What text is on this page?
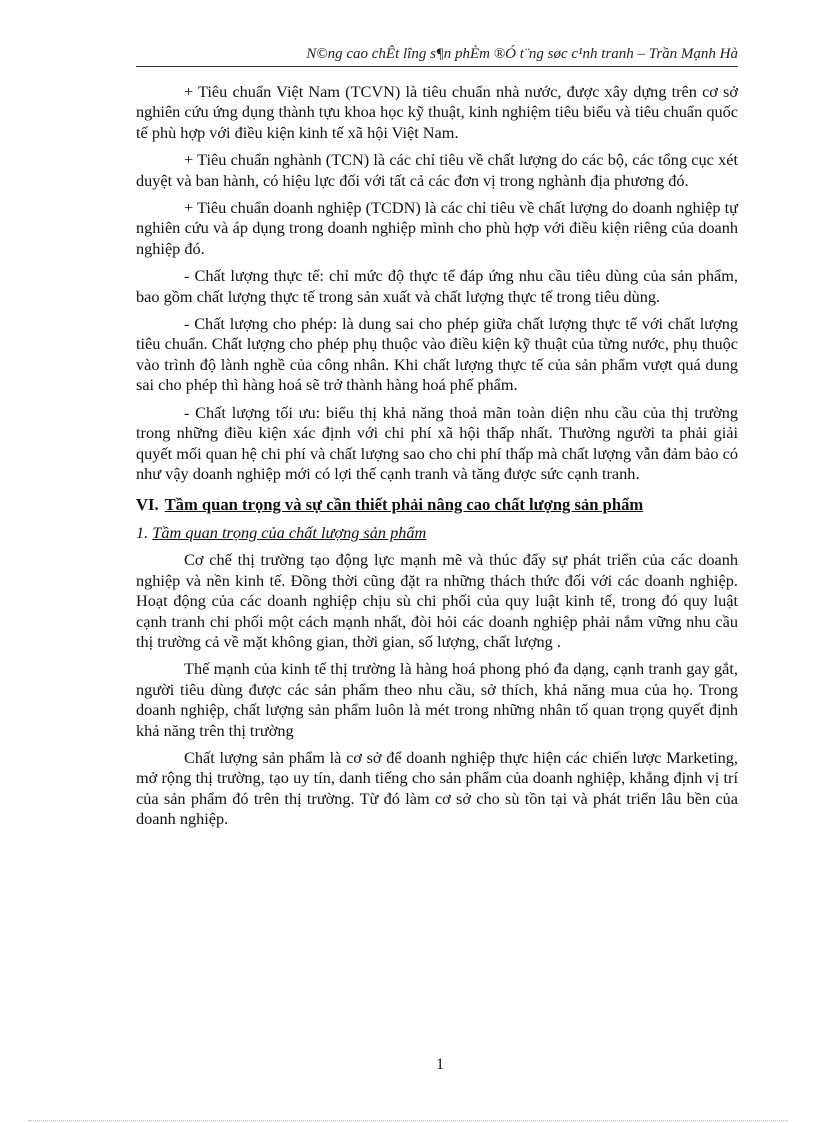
N©ng cao chÊt lîng s¶n phÈm ®Ó t¨ng søc c¹nh tranh – Trần Mạnh Hà

+ Tiêu chuẩn Việt Nam (TCVN) là tiêu chuẩn nhà nước, được xây dựng trên cơ sở nghiên cứu ứng dụng thành tựu khoa học kỹ thuật, kinh nghiệm tiêu biểu và tiêu chuẩn quốc tế phù hợp với điều kiện kinh tế xã hội Việt Nam.

+ Tiêu chuẩn nghành (TCN) là các chỉ tiêu về chất lượng do các bộ, các tổng cục xét duyệt và ban hành, có hiệu lực đối với tất cả các đơn vị trong nghành địa phương đó.

+ Tiêu chuẩn doanh nghiệp (TCDN) là các chỉ tiêu về chất lượng do doanh nghiệp tự nghiên cứu và áp dụng trong doanh nghiệp mình cho phù hợp với điều kiện riêng của doanh nghiệp đó.

- Chất lượng thực tế: chỉ mức độ thực tế đáp ứng nhu cầu tiêu dùng của sản phẩm, bao gồm chất lượng thực tế trong sản xuất và chất lượng thực tế trong tiêu dùng.

- Chất lượng cho phép: là dung sai cho phép giữa chất lượng thực tế với chất lượng tiêu chuẩn. Chất lượng cho phép phụ thuộc vào điều kiện kỹ thuật của từng nước, phụ thuộc vào trình độ lành nghề của công nhân. Khi chất lượng thực tế của sản phẩm vượt quá dung sai cho phép thì hàng hoá sẽ trở thành hàng hoá phế phẩm.

- Chất lượng tối ưu: biểu thị khả năng thoả mãn toàn diện nhu cầu của thị trường trong những điều kiện xác định với chi phí xã hội thấp nhất. Thường người ta phải giải quyết mối quan hệ chi phí và chất lượng sao cho chi phí thấp mà chất lượng vẫn đảm bảo có như vậy doanh nghiệp mới có lợi thế cạnh tranh và tăng được sức cạnh tranh.

VI. Tầm quan trọng và sự cần thiết phải nâng cao chất lượng sản phẩm
1. Tầm quan trọng của chất lượng sản phẩm

Cơ chế thị trường tạo động lực mạnh mẽ và thúc đẩy sự phát triển của các doanh nghiệp và nền kinh tế. Đồng thời cũng đặt ra những thách thức đối với các doanh nghiệp. Hoạt động của các doanh nghiệp chịu sù chi phối của quy luật kinh tế, trong đó quy luật cạnh tranh chi phối một cách mạnh nhất, đòi hỏi các doanh nghiệp phải nắm vững nhu cầu thị trường cả về mặt không gian, thời gian, số lượng, chất lượng .

Thế mạnh của kinh tế thị trường là hàng hoá phong phó đa dạng, cạnh tranh gay gắt, người tiêu dùng được các sản phẩm theo nhu cầu, sở thích, khả năng mua của họ. Trong doanh nghiệp, chất lượng sản phẩm luôn là mét trong những nhân tố quan trọng quyết định khả năng trên thị trường

Chất lượng sản phẩm là cơ sở để doanh nghiệp thực hiện các chiến lược Marketing, mở rộng thị trường, tạo uy tín, danh tiếng cho sản phẩm của doanh nghiệp, khẳng định vị trí của sản phẩm đó trên thị trường. Từ đó làm cơ sở cho sù tồn tại và phát triển lâu bền của doanh nghiệp.

1
